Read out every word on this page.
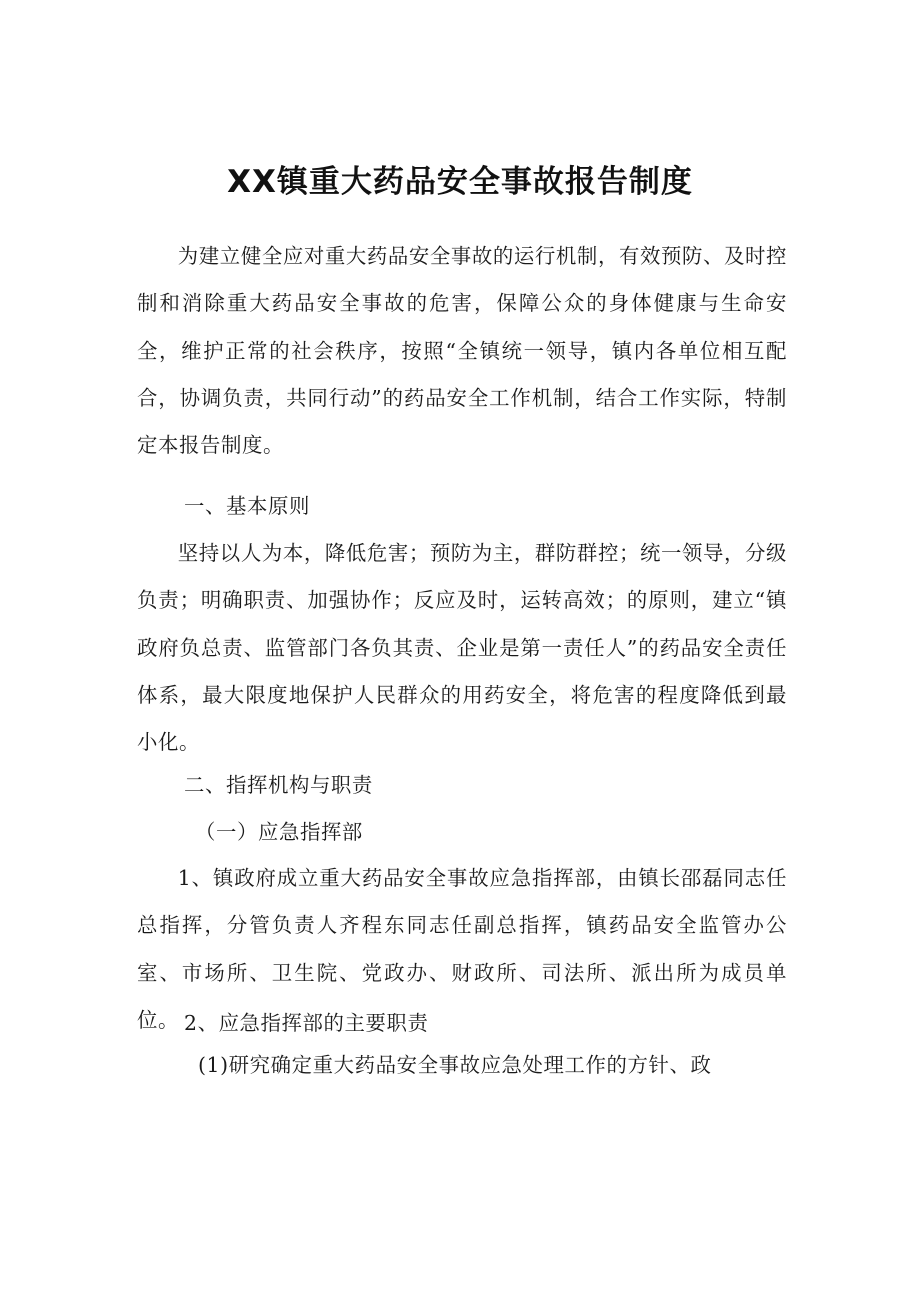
XX镇重大药品安全事故报告制度

为建立健全应对重大药品安全事故的运行机制，有效预防、及时控制和消除重大药品安全事故的危害，保障公众的身体健康与生命安全，维护正常的社会秩序，按照“全镇统一领导，镇内各单位相互配合，协调负责，共同行动”的药品安全工作机制，结合工作实际，特制定本报告制度。

一、基本原则

坚持以人为本，降低危害；预防为主，群防群控；统一领导，分级负责；明确职责、加强协作；反应及时，运转高效；的原则，建立“镇政府负总责、监管部门各负其责、企业是第一责任人”的药品安全责任体系，最大限度地保护人民群众的用药安全，将危害的程度降低到最小化。

二、指挥机构与职责

（一）应急指挥部

1、镇政府成立重大药品安全事故应急指挥部，由镇长邵磊同志任总指挥，分管负责人齐程东同志任副总指挥，镇药品安全监管办公室、市场所、卫生院、党政办、财政所、司法所、派出所为成员单位。 2、应急指挥部的主要职责

(1)研究确定重大药品安全事故应急处理工作的方针、政
